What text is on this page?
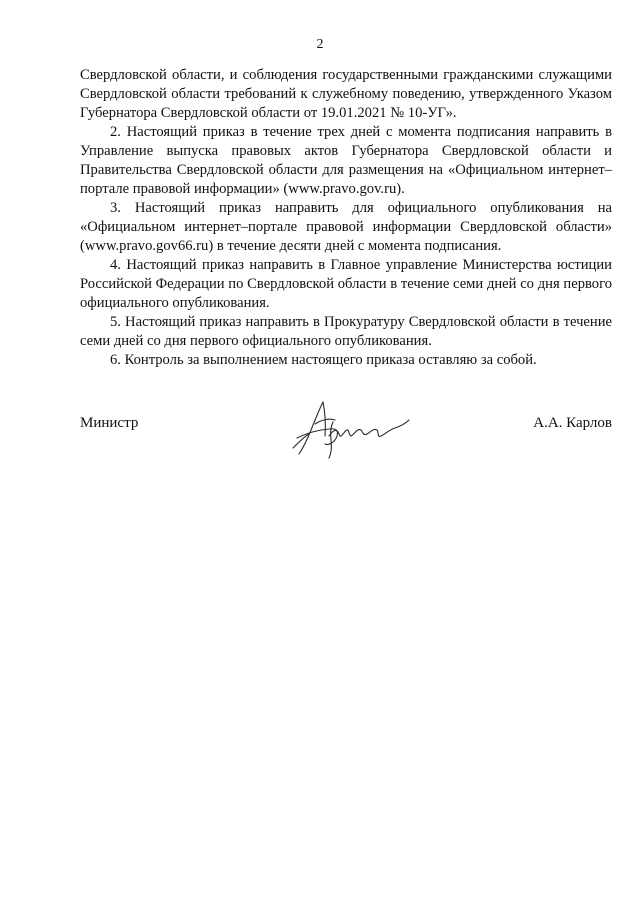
2

Свердловской области, и соблюдения государственными гражданскими служащими Свердловской области требований к служебному поведению, утвержденного Указом Губернатора Свердловской области от 19.01.2021 № 10-УГ».

2. Настоящий приказ в течение трех дней с момента подписания направить в Управление выпуска правовых актов Губернатора Свердловской области и Правительства Свердловской области для размещения на «Официальном интернет–портале правовой информации» (www.pravo.gov.ru).

3. Настоящий приказ направить для официального опубликования на «Официальном интернет–портале правовой информации Свердловской области» (www.pravo.gov66.ru) в течение десяти дней с момента подписания.

4. Настоящий приказ направить в Главное управление Министерства юстиции Российской Федерации по Свердловской области в течение семи дней со дня первого официального опубликования.

5. Настоящий приказ направить в Прокуратуру Свердловской области в течение семи дней со дня первого официального опубликования.

6. Контроль за выполнением настоящего приказа оставляю за собой.

Министр	А.А. Карлов
